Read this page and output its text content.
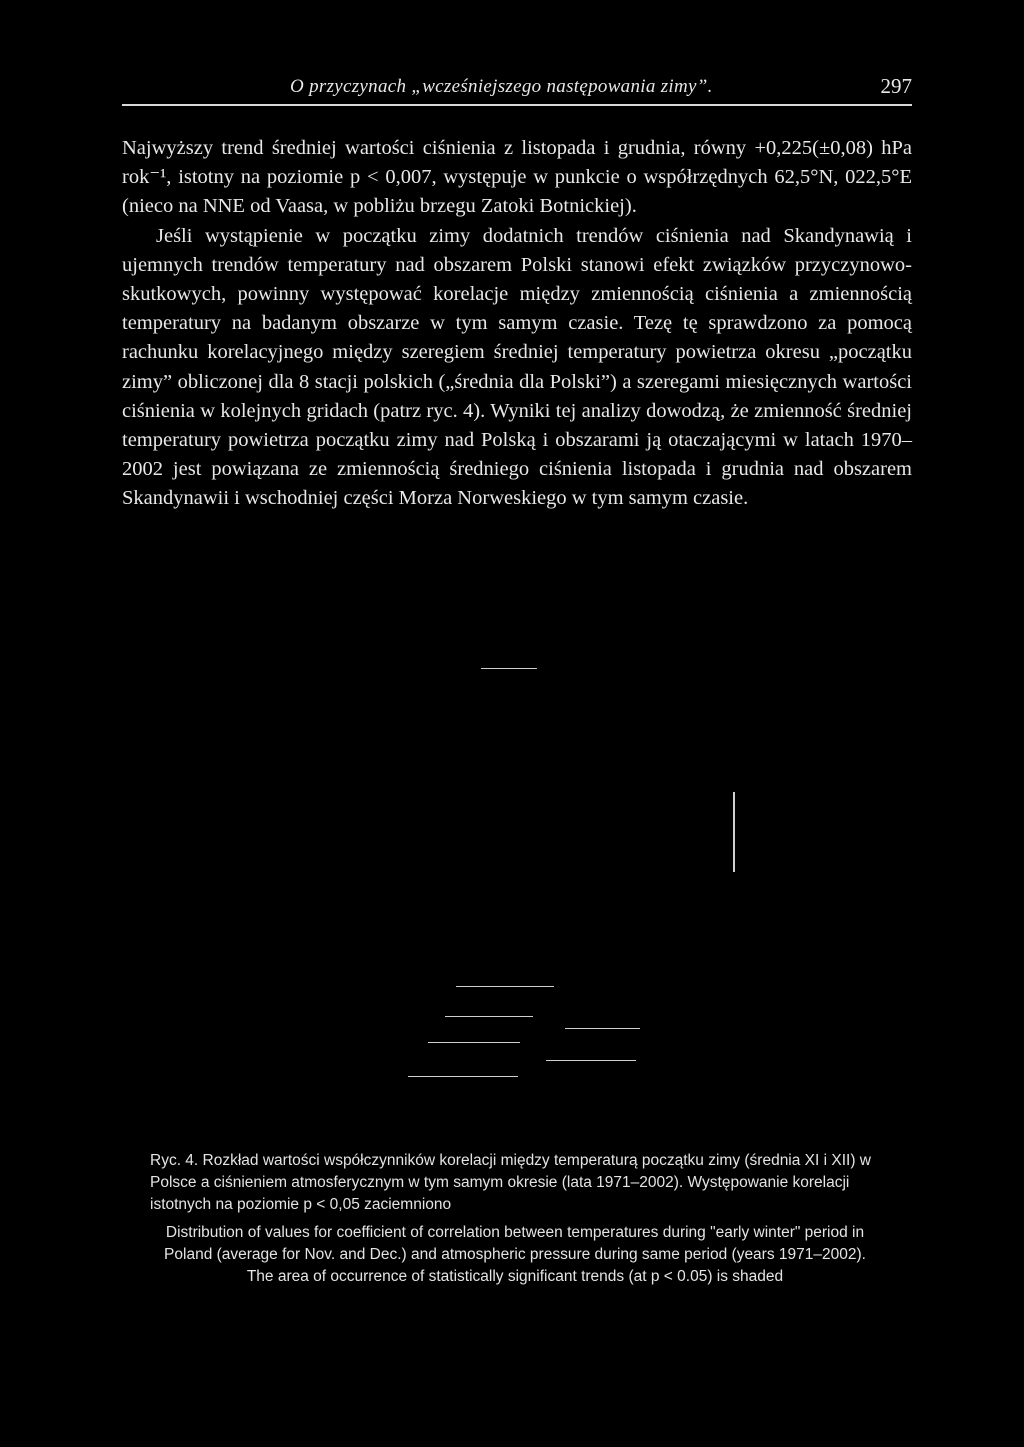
O przyczynach „wcześniejszego następowania zimy”.	297

Najwyższy trend średniej wartości ciśnienia z listopada i grudnia, równy +0,225(±0,08) hPa rok⁻¹, istotny na poziomie p < 0,007, występuje w punkcie o współrzędnych 62,5°N, 022,5°E (nieco na NNE od Vaasa, w pobliżu brzegu Zatoki Botnickiej).

Jeśli wystąpienie w początku zimy dodatnich trendów ciśnienia nad Skandynawią i ujemnych trendów temperatury nad obszarem Polski stanowi efekt związków przyczynowo-skutkowych, powinny występować korelacje między zmiennością ciśnienia a zmiennością temperatury na badanym obszarze w tym samym czasie. Tezę tę sprawdzono za pomocą rachunku korelacyjnego między szeregiem średniej temperatury powietrza okresu „początku zimy” obliczonej dla 8 stacji polskich („średnia dla Polski”) a szeregami miesięcznych wartości ciśnienia w kolejnych gridach (patrz ryc. 4). Wyniki tej analizy dowodzą, że zmienność średniej temperatury powietrza początku zimy nad Polską i obszarami ją otaczającymi w latach 1970–2002 jest powiązana ze zmiennością średniego ciśnienia listopada i grudnia nad obszarem Skandynawii i wschodniej części Morza Norweskiego w tym samym czasie.

Ryc. 4. Rozkład wartości współczynników korelacji między temperaturą początku zimy (średnia XI i XII) w Polsce a ciśnieniem atmosferycznym w tym samym okresie (lata 1971–2002). Występowanie korelacji istotnych na poziomie p < 0,05 zaciemniono

Distribution of values for coefficient of correlation between temperatures during "early winter" period in Poland (average for Nov. and Dec.) and atmospheric pressure during same period (years 1971–2002). The area of occurrence of statistically significant trends (at p < 0.05) is shaded
